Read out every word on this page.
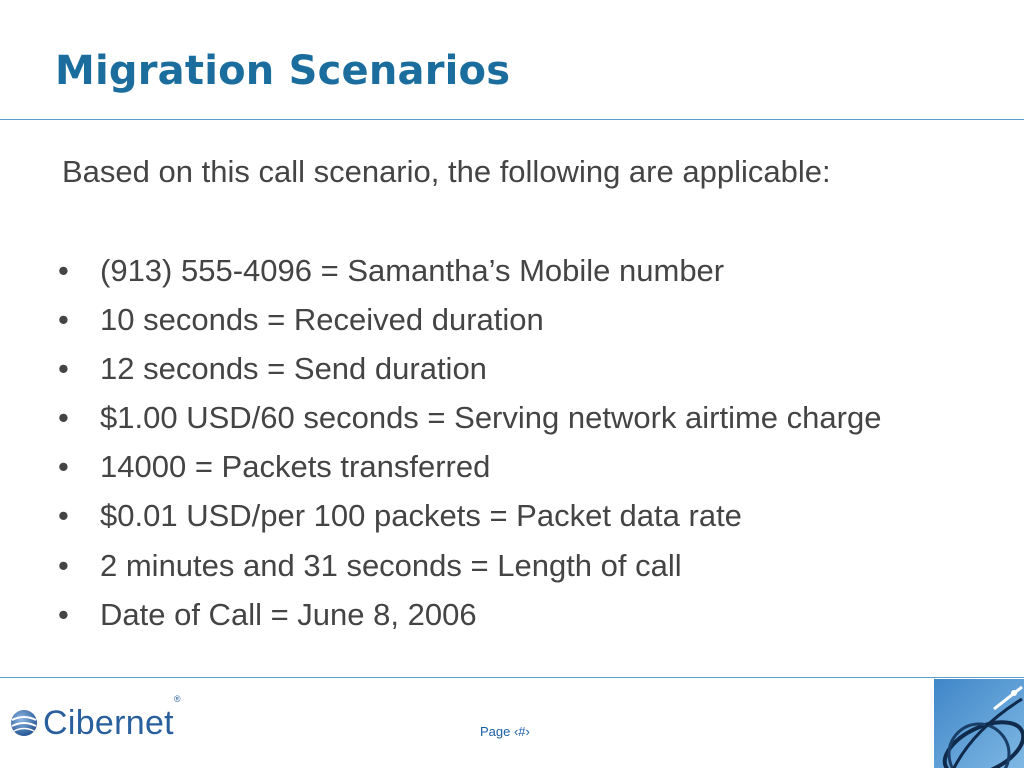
Migration Scenarios
Based on this call scenario, the following are applicable:
•	(913) 555-4096 = Samantha’s Mobile number
•	10 seconds = Received duration
•	12 seconds = Send duration
•	$1.00 USD/60 seconds = Serving network airtime charge
•	14000 = Packets transferred
•	$0.01 USD/per 100 packets = Packet data rate
•	2 minutes and 31 seconds = Length of call
•	Date of Call = June 8, 2006
Cibernet®
Page ‹#›
